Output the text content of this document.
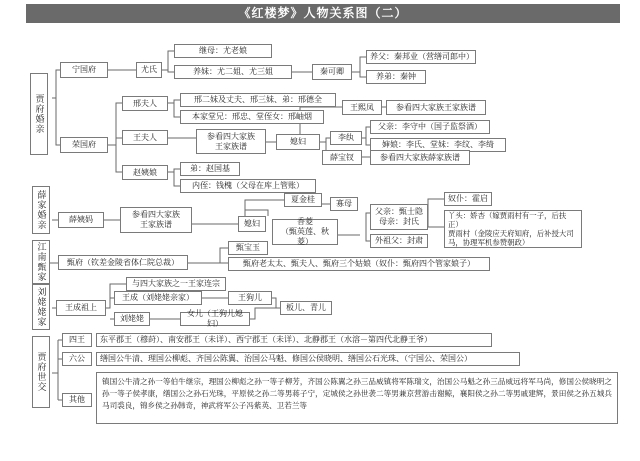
《红楼梦》人物关系图（二）
贾府婚亲
宁国府
荣国府
尤氏
继母：尤老娘
养妹：尤二姐、尤三姐	秦可卿
养父：秦邦业（营缮司郎中）
养弟：秦钟
邢夫人	邢二妹及丈夫、邢三妹、弟：邢德全
本家堂兄：邢忠、堂侄女：邢岫烟
王夫人	参看四大家族
王家族谱
王熙凤	参看四大家族王家族谱
媳妇	李纨
父亲：李守中（国子监祭酒）
婶娘：李氏、堂妹：李纹、李绮
薛宝钗	参看四大家族薛家族谱
赵姨娘	弟：赵国基
内侄：钱槐（父母在库上管账）
薛家婚亲	薛姨妈
参看四大家族
王家族谱	媳妇
夏金桂	寡母
香菱
（甄英莲、秋菱）
父亲：甄士隐
母亲：封氏
外祖父：封肃
奴仆：霍启
丫头：娇杏（嫁贾雨村有一子，后扶正）
贾雨村（金陵应天府知府，后补授大司
马，协理军机参赞朝政）
江南甄家	甄府（钦差金陵省体仁院总裁）
甄宝玉
甄府老太太、甄夫人、甄府三个姑娘（奴仆：甄府四个管家娘子）
刘姥姥家	王成祖上
与四大家族之一王家连宗
王成（刘姥姥亲家）	王狗儿
板儿、青儿
刘姥姥
女儿（王狗儿媳妇）
贾府世交
四王	东平郡王（穆莳）、南安郡王（未详）、西宁郡王（未详）、北静郡王（水溶－第四代北静王爷）
六公	缮国公牛清、理国公柳彪、齐国公陈翼、治国公马魁、修国公侯晓明、缮国公石光珠、（宁国公、荣国公）
其他
镇国公牛清之孙一等伯牛继宗，理国公柳彪之孙一等子柳芳，齐国公陈翼之孙三品威镇将军陈瑞文，治国公马魁之孙三品威远将军马尚，修国公侯晓明之孙一等子侯孝康，缮国公之孙石光珠，平原侯之孙二等男蒋子宁，定城侯之孙世袭二等男兼京营游击谢鲸，襄阳侯之孙二等男戚建辉，景田侯之孙五城兵马司裘良，锦乡侯之孙韩奇，神武将军公子冯紫英、卫若兰等
